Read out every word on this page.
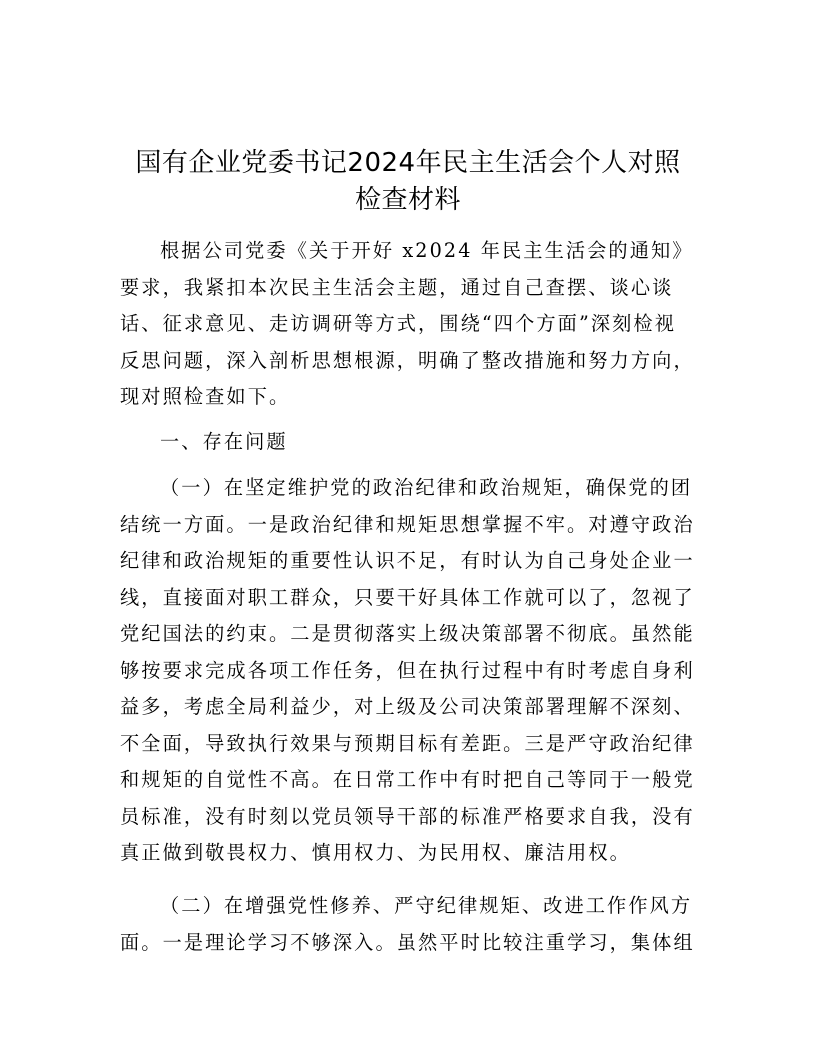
国有企业党委书记2024年民主生活会个人对照
检查材料
根据公司党委《关于开好 x2024 年民主生活会的通知》
要求，我紧扣本次民主生活会主题，通过自己查摆、谈心谈
话、征求意见、走访调研等方式，围绕“四个方面”深刻检视
反思问题，深入剖析思想根源，明确了整改措施和努力方向，
现对照检查如下。
一、存在问题
（一）在坚定维护党的政治纪律和政治规矩，确保党的团
结统一方面。一是政治纪律和规矩思想掌握不牢。对遵守政治
纪律和政治规矩的重要性认识不足，有时认为自己身处企业一
线，直接面对职工群众，只要干好具体工作就可以了，忽视了
党纪国法的约束。二是贯彻落实上级决策部署不彻底。虽然能
够按要求完成各项工作任务，但在执行过程中有时考虑自身利
益多，考虑全局利益少，对上级及公司决策部署理解不深刻、
不全面，导致执行效果与预期目标有差距。三是严守政治纪律
和规矩的自觉性不高。在日常工作中有时把自己等同于一般党
员标准，没有时刻以党员领导干部的标准严格要求自我，没有
真正做到敬畏权力、慎用权力、为民用权、廉洁用权。
（二）在增强党性修养、严守纪律规矩、改进工作作风方
面。一是理论学习不够深入。虽然平时比较注重学习，集体组
